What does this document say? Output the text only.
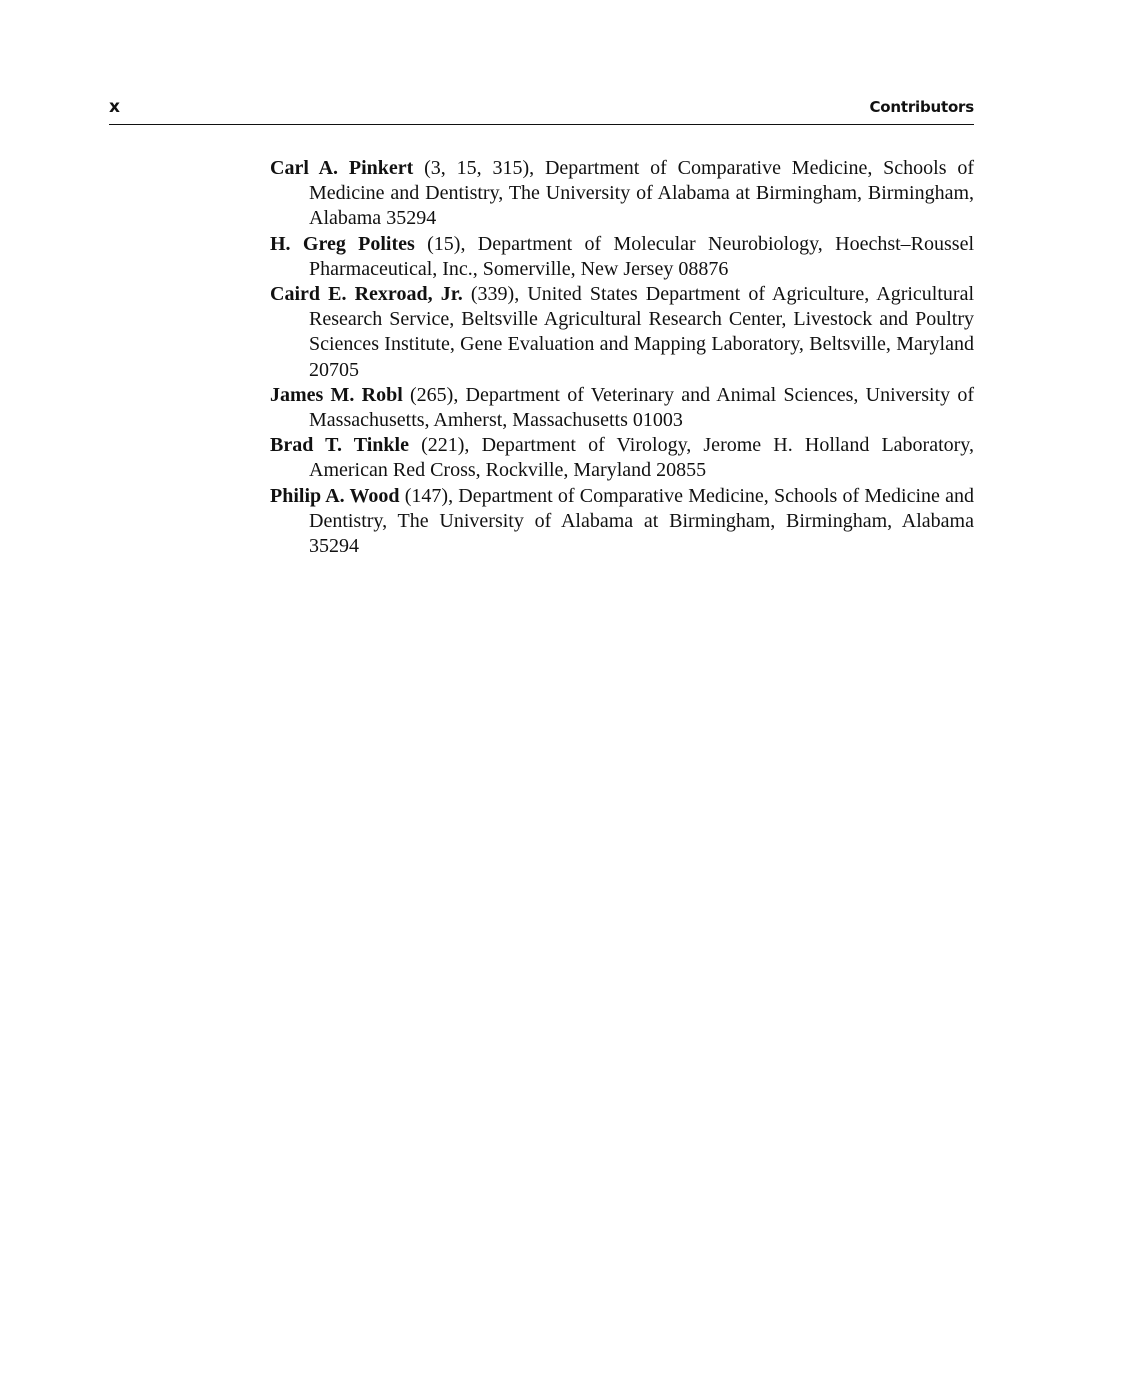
x	Contributors
Carl A. Pinkert (3, 15, 315), Department of Comparative Medicine, Schools of Medicine and Dentistry, The University of Alabama at Birmingham, Birmingham, Alabama 35294
H. Greg Polites (15), Department of Molecular Neurobiology, Hoechst–Roussel Pharmaceutical, Inc., Somerville, New Jersey 08876
Caird E. Rexroad, Jr. (339), United States Department of Agriculture, Agricultural Research Service, Beltsville Agricultural Research Center, Livestock and Poultry Sciences Institute, Gene Evaluation and Mapping Laboratory, Beltsville, Maryland 20705
James M. Robl (265), Department of Veterinary and Animal Sciences, University of Massachusetts, Amherst, Massachusetts 01003
Brad T. Tinkle (221), Department of Virology, Jerome H. Holland Laboratory, American Red Cross, Rockville, Maryland 20855
Philip A. Wood (147), Department of Comparative Medicine, Schools of Medicine and Dentistry, The University of Alabama at Birmingham, Birmingham, Alabama 35294
